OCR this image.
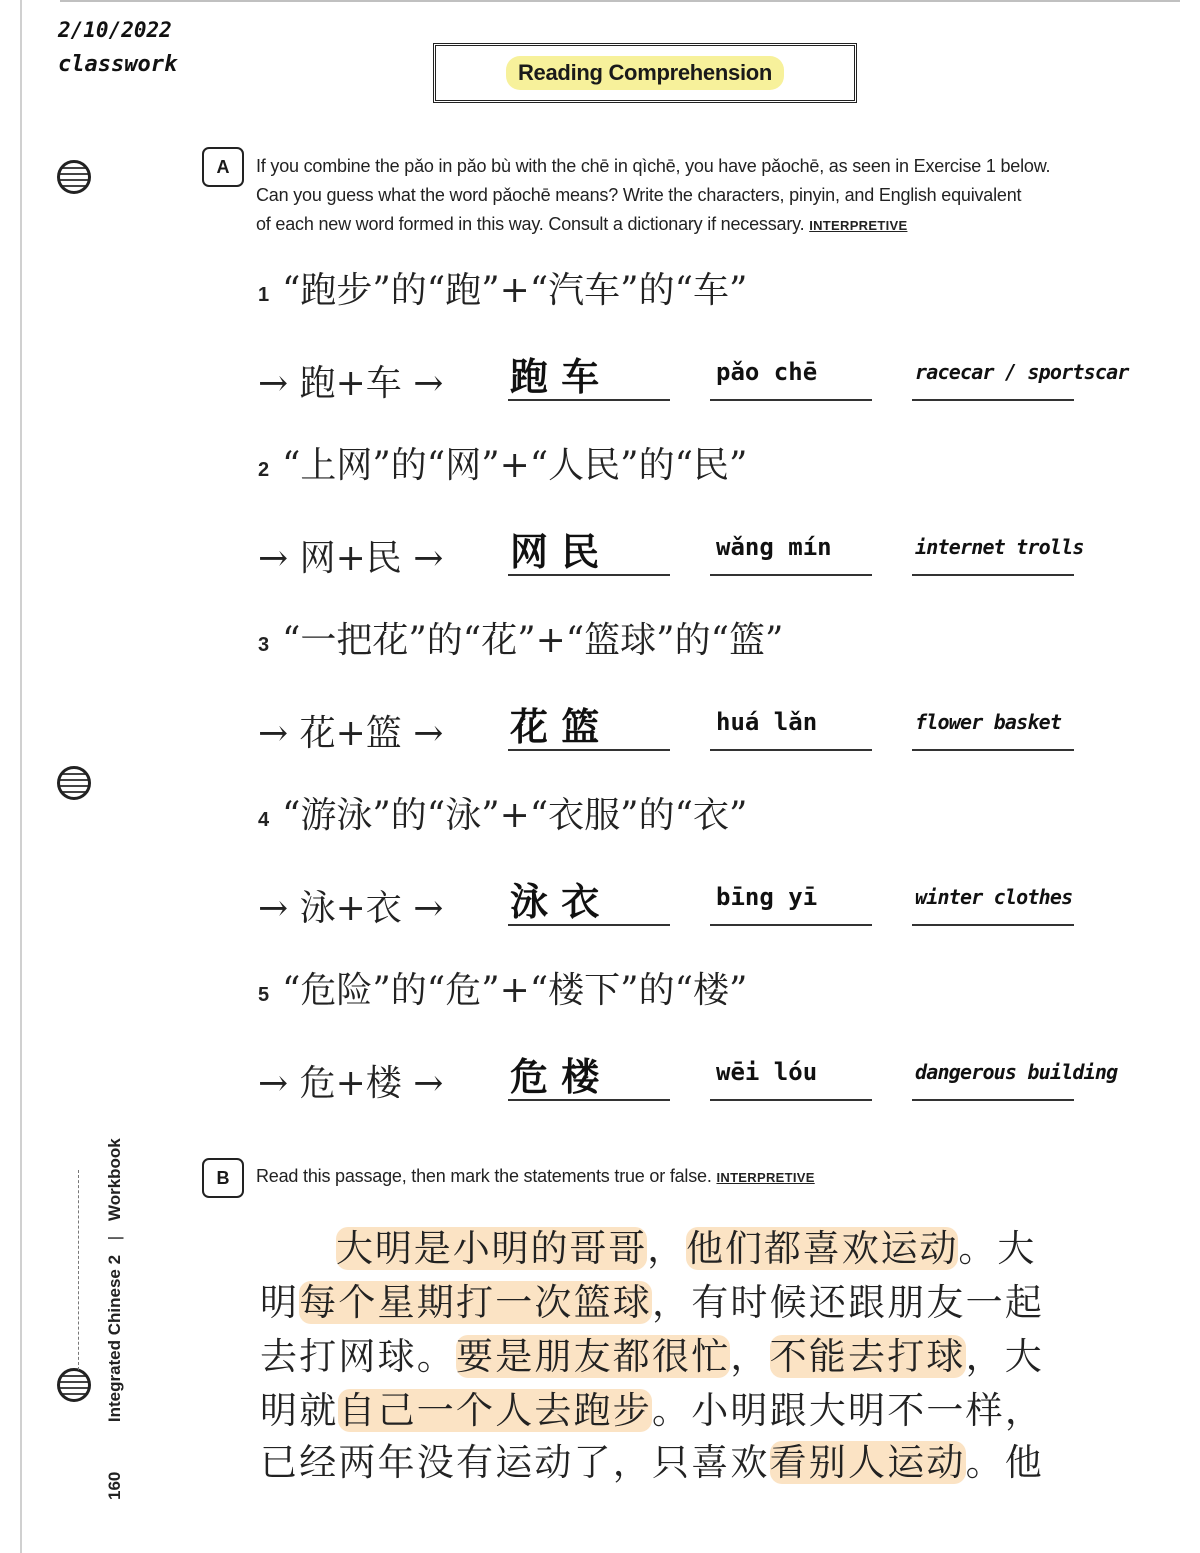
2/10/2022
classwork	Reading Comprehension
A	If you combine the pǎo in pǎo bù with the chē in qìchē, you have pǎochē, as seen in Exercise 1 below.
Can you guess what the word pǎochē means? Write the characters, pinyin, and English equivalent
of each new word formed in this way. Consult a dictionary if necessary. INTERPRETIVE
1 “跑步”的“跑”+“汽车”的“车”
→ 跑+车 → 跑 车	pǎo chē	racecar / sportscar
2 “上网”的“网”+“人民”的“民”
→ 网+民 → 网 民	wǎng mín	internet trolls
3 “一把花”的“花”+“篮球”的“篮”
→ 花+篮 → 花 篮	huá lǎn	flower basket
4 “游泳”的“泳”+“衣服”的“衣”
→ 泳+衣 → 泳 衣	bīng yī	winter clothes
5 “危险”的“危”+“楼下”的“楼”
→ 危+楼 → 危 楼	wēi lóu	dangerous building
B	Read this passage, then mark the statements true or false. INTERPRETIVE
大明是小明的哥哥，他们都喜欢运动。大
明每个星期打一次篮球，有时候还跟朋友一起
去打网球。要是朋友都很忙，不能去打球，大
明就自己一个人去跑步。小明跟大明不一样，
已经两年没有运动了，只喜欢看别人运动。他
160  Integrated Chinese 2 | Workbook
